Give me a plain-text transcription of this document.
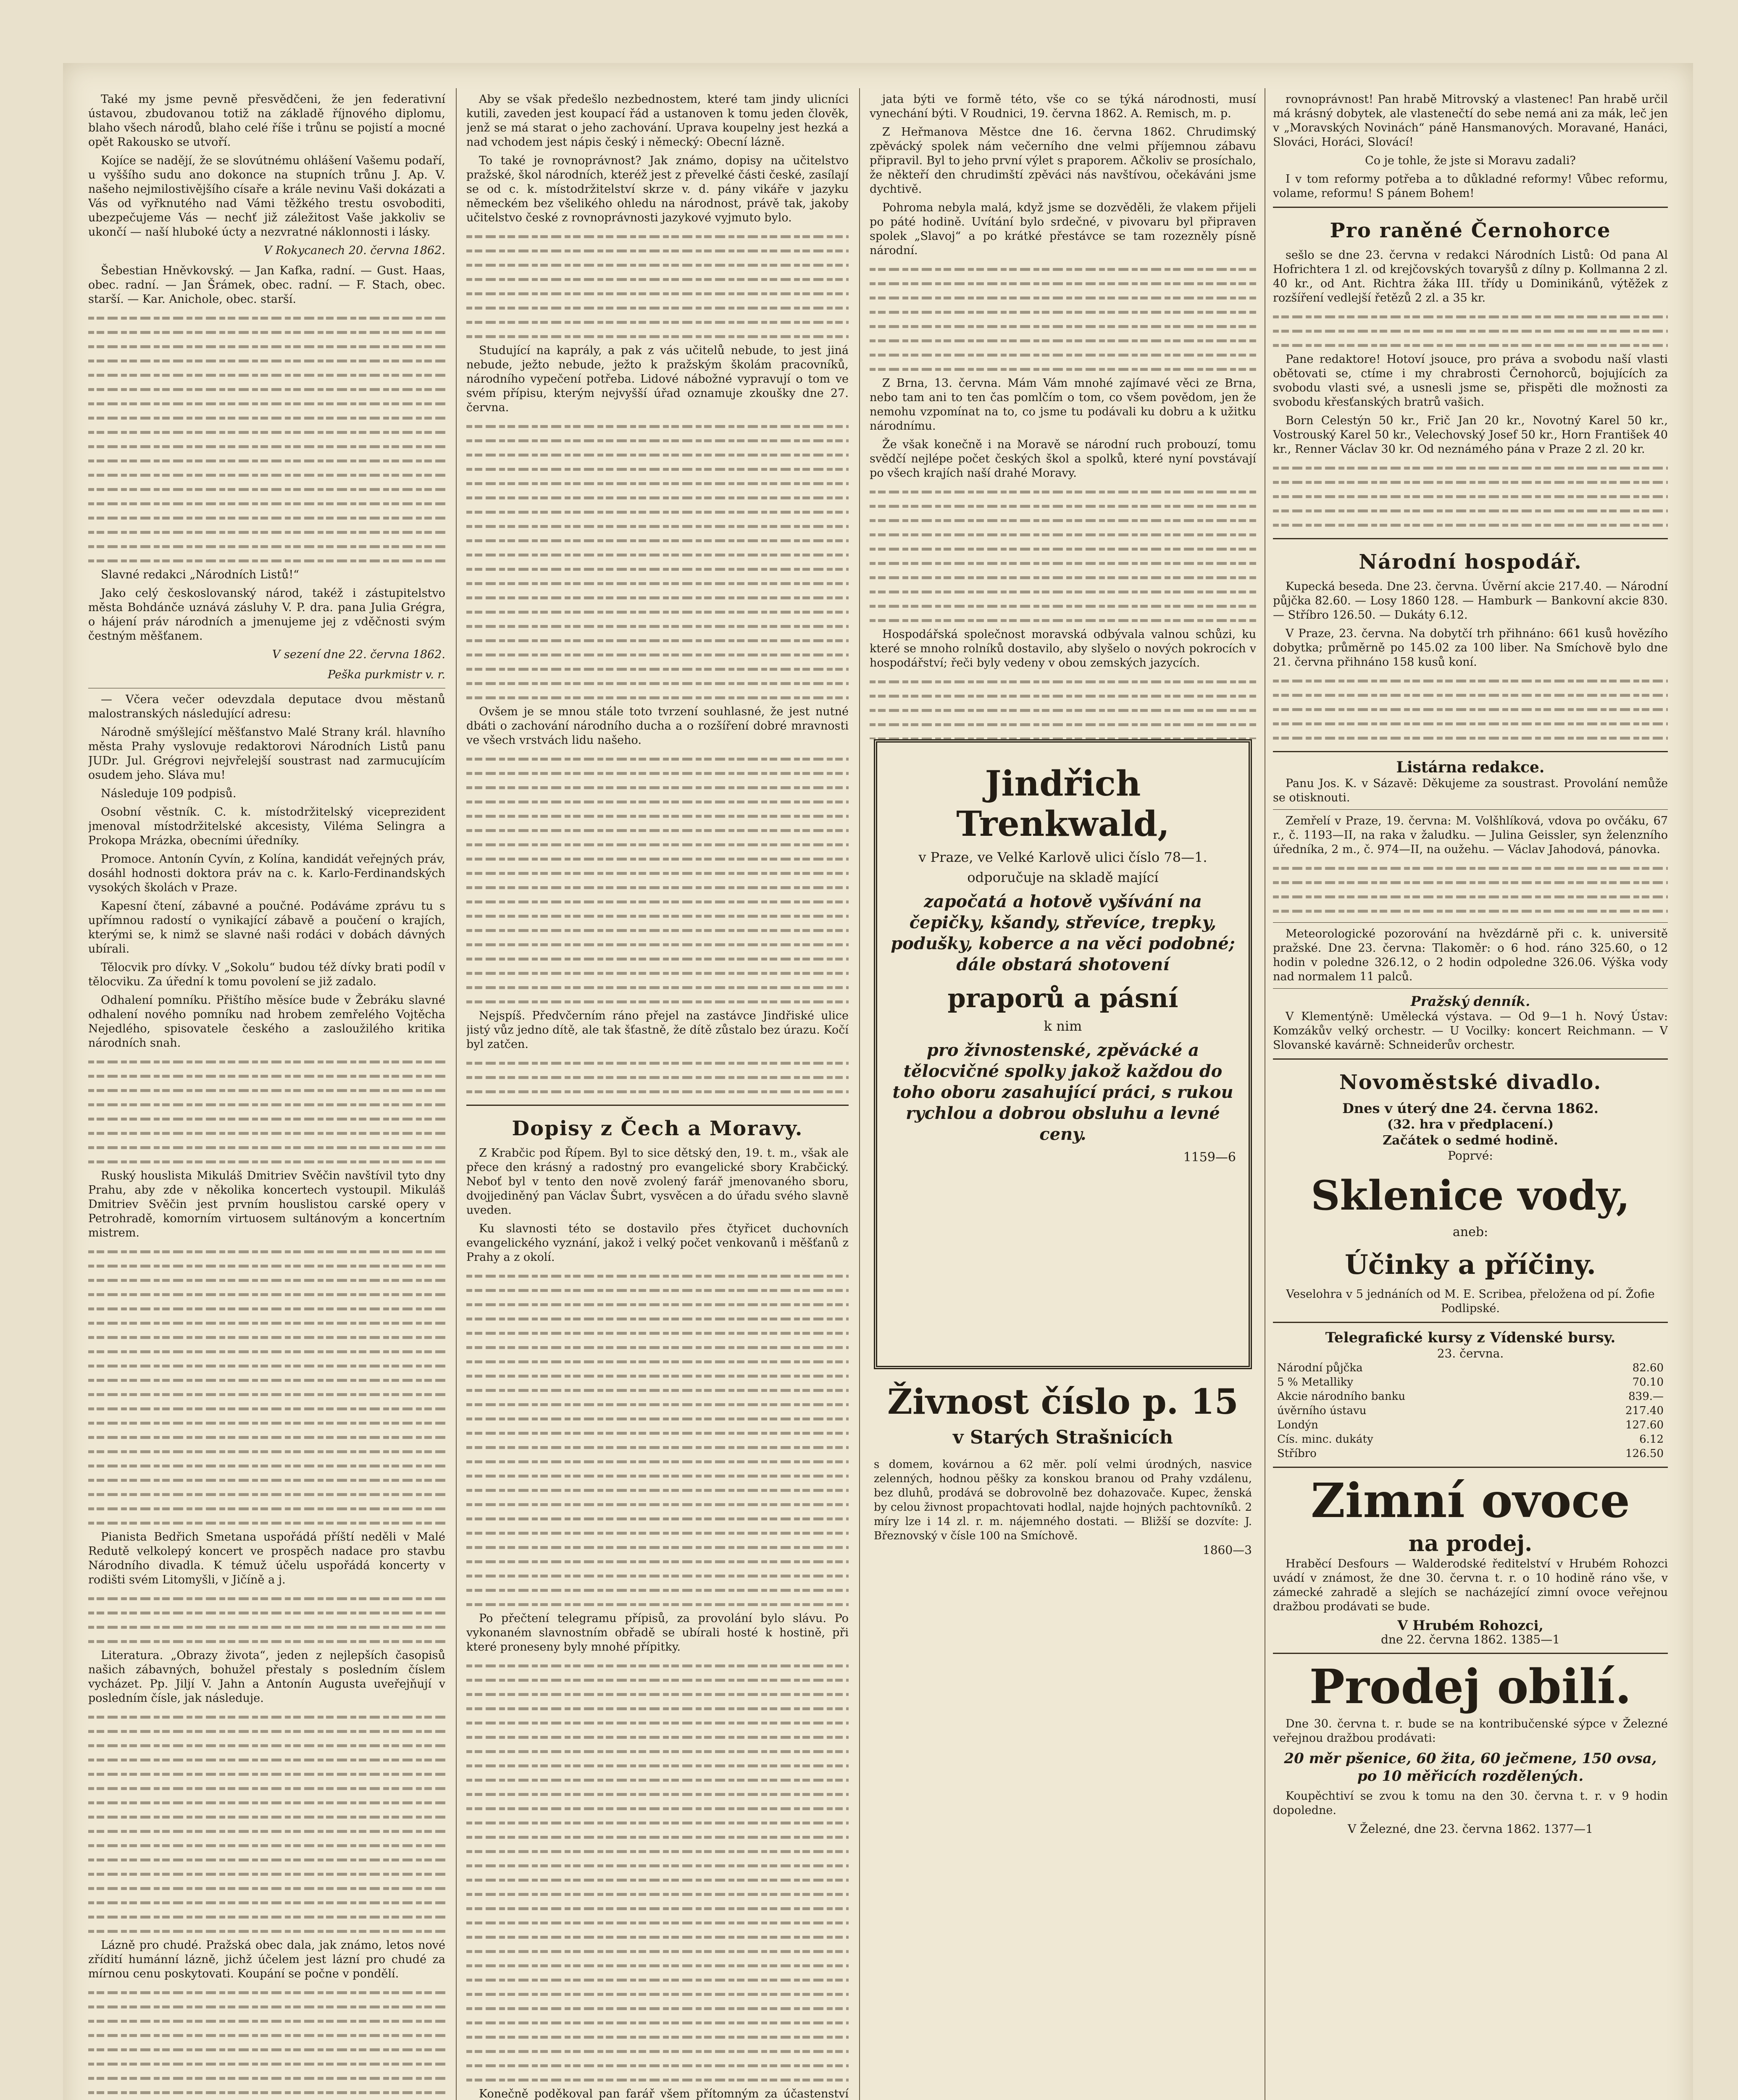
Také my jsme pevně přesvědčeni, že jen federativní ústavou, zbudovanou totiž na základě říjnového diplomu, blaho všech národů, blaho celé říše i trůnu se pojistí a mocné opět Rakousko se utvoří.

Kojíce se nadějí, že se slovútnému ohlášení Vašemu podaří, u vyššího sudu ano dokonce na stupních trůnu J. Ap. V. našeho nejmilostivějšího císaře a krále nevinu Vaši dokázati a Vás od vyřknutého nad Vámi těžkého trestu osvoboditi, ubezpečujeme Vás — nechť již záležitost Vaše jakkoliv se ukončí — naší hluboké úcty a nezvratné náklonnosti i lásky.

V Rokycanech 20. června 1862.

Šebestian Hněvkovský. — Jan Kafka, radní. — Gust. Haas, obec. radní. — Jan Šrámek, obec. radní. — F. Stach, obec. starší. — Kar. Anichole, obec. starší.

Slavné redakci „Národních Listů!“

Jako celý českoslovanský národ, takéž i zástupitelstvo města Bohdánče uznává zásluhy V. P. dra. pana Julia Grégra, o hájení práv národních a jmenujeme jej z vděčnosti svým čestným měšťanem.

V sezení dne 22. června 1862.
Peška purkmistr v. r.

— Včera večer odevzdala deputace dvou městanů malostranských následující adresu:

Národně smýšlející měšťanstvo Malé Strany král. hlavního města Prahy vyslovuje redaktorovi Národních Listů panu JUDr. Jul. Grégrovi nejvřelejší soustrast nad zarmucujícím osudem jeho. Sláva mu!

Následuje 109 podpisů.

Osobní věstník. C. k. místodržitelský viceprezident jmenoval místodržitelské akcesisty, Viléma Selingra a Prokopa Mrázka, obecními úředníky.

Promoce. Antonín Cyvín, z Kolína, kandidát veřejných práv, dosáhl hodnosti doktora práv na c. k. Karlo-Ferdinandských vysokých školách v Praze.

Kapesní čtení, zábavné a poučné. Podáváme zprávu tu s upřímnou radostí o vynikající zábavě a poučení o krajích, kterými se, k nimž se slavné naši rodáci v dobách dávných ubírali.

Tělocvik pro dívky. V „Sokolu“ budou též dívky brati podíl v tělocviku. Za úřední k tomu povolení se již zadalo.

Odhalení pomníku. Přištího měsíce bude v Žebráku slavné odhalení nového pomníku nad hrobem zemřelého Vojtěcha Nejedlého, spisovatele českého a zasloužilého kritika národních snah.

Ruský houslista Mikuláš Dmitriev Svěčin navštívil tyto dny Prahu, aby zde v několika koncertech vystoupil. Mikuláš Dmitriev Svěčin jest prvním houslistou carské opery v Petrohradě, komorním virtuosem sultánovým a koncertním mistrem.

Pianista Bedřich Smetana uspořádá příští neděli v Malé Redutě velkolepý koncert ve prospěch nadace pro stavbu Národního divadla. K témuž účelu uspořádá koncerty v rodišti svém Litomyšli, v Jičíně a j.

Literatura. „Obrazy života“, jeden z nejlepších časopisů našich zábavných, bohužel přestaly s posledním číslem vycházet. Pp. Jiljí V. Jahn a Antonín Augusta uveřejňují v posledním čísle, jak následuje.

Lázně pro chudé. Pražská obec dala, jak známo, letos nové zřídití humánní lázně, jichž účelem jest lázní pro chudé za mírnou cenu poskytovati. Koupání se počne v pondělí.

Aby se však předešlo nezbednostem, které tam jindy ulicníci kutili, zaveden jest koupací řád a ustanoven k tomu jeden člověk, jenž se má starat o jeho zachování. Uprava koupelny jest hezká a nad vchodem jest nápis český i německý: Obecní lázně.

To také je rovnoprávnost? Jak známo, dopisy na učitelstvo pražské, škol národních, kteréž jest z převelké části české, zasílají se od c. k. místodržitelství skrze v. d. pány vikáře v jazyku německém bez všelikého ohledu na národnost, právě tak, jakoby učitelstvo české z rovnoprávnosti jazykové vyjmuto bylo.

Studující na kaprály, a pak z vás učitelů nebude, to jest jiná nebude, ježto nebude, ježto k pražským školám pracovníků, národního vypečení potřeba. Lidové nábožné vypravují o tom ve svém přípisu, kterým nejvyšší úřad oznamuje zkoušky dne 27. června.

Ovšem je se mnou stále toto tvrzení souhlasné, že jest nutné dbáti o zachování národního ducha a o rozšíření dobré mravnosti ve všech vrstvách lidu našeho.

Nejspíš. Předvčerním ráno přejel na zastávce Jindřiské ulice jistý vůz jedno dítě, ale tak šťastně, že dítě zůstalo bez úrazu. Kočí byl zatčen.

Dopisy z Čech a Moravy.

Z Krabčic pod Řípem. Byl to sice dětský den, 19. t. m., však ale přece den krásný a radostný pro evangelické sbory Krabčický. Neboť byl v tento den nově zvolený farář jmenovaného sboru, dvojjediněný pan Václav Šubrt, vysvěcen a do úřadu svého slavně uveden.

Ku slavnosti této se dostavilo přes čtyřicet duchovních evangelického vyznání, jakož i velký počet venkovanů i měšťanů z Prahy a z okolí.

Po přečtení telegramu přípisů, za provolání bylo slávu. Po vykonaném slavnostním obřadě se ubírali hosté k hostině, při které proneseny byly mnohé přípitky.

Konečně poděkoval pan farář všem přítomným za účastenství

jata býti ve formě této, vše co se týká národnosti, musí vynechání býti. V Roudnici, 19. června 1862. A. Remisch, m. p.

Z Heřmanova Městce dne 16. června 1862. Chrudimský zpěvácký spolek nám večerního dne velmi příjemnou zábavu připravil. Byl to jeho první výlet s praporem. Ačkoliv se prosíchalo, že někteří den chrudimští zpěváci nás navštívou, očekáváni jsme dychtivě.

Pohroma nebyla malá, když jsme se dozvěděli, že vlakem přijeli po páté hodině. Uvítání bylo srdečné, v pivovaru byl připraven spolek „Slavoj“ a po krátké přestávce se tam rozezněly písně národní.

Z Brna, 13. června. Mám Vám mnohé zajímavé věci ze Brna, nebo tam ani to ten čas pomlčím o tom, co všem povědom, jen že nemohu vzpomínat na to, co jsme tu podávali ku dobru a k užitku národnímu.

Že však konečně i na Moravě se národní ruch probouzí, tomu svědčí nejlépe počet českých škol a spolků, které nyní povstávají po všech krajích naší drahé Moravy.

Hospodářská společnost moravská odbývala valnou schůzi, ku které se mnoho rolníků dostavilo, aby slyšelo o nových pokrocích v hospodářství; řeči byly vedeny v obou zemských jazycích.

Jindřich Trenkwald,
v Praze, ve Velké Karlově ulici číslo 78—1.
odporučuje na skladě mající
započatá a hotově vyšívání na čepičky, kšandy, střevíce, trepky, podušky, koberce a na věci podobné; dále obstará shotovení
praporů a pásní
k nim
pro živnostenské, zpěvácké a tělocvičné spolky jakož každou do toho oboru zasahující práci, s rukou rychlou a dobrou obsluhu a levné ceny.
1159—6
Živnost číslo p. 15
v Starých Strašnicích
s domem, kovárnou a 62 měr. polí velmi úrodných, nasvice zelenných, hodnou pěšky za konskou branou od Prahy vzdálenu, bez dluhů, prodává se dobrovolně bez dohazovače. Kupec, ženská by celou živnost propachtovati hodlal, najde hojných pachtovníků. 2 míry lze i 14 zl. r. m. nájemného dostati. — Bližší se dozvíte: J. Březnovský v čísle 100 na Smíchově.
1860—3

rovnoprávnost! Pan hrabě Mitrovský a vlastenec! Pan hrabě určil má krásný dobytek, ale vlastenečtí do sebe nemá ani za mák, leč jen v „Moravských Novinách“ páně Hansmanových. Moravané, Hanáci, Slováci, Horáci, Slovácí!

Co je tohle, že jste si Moravu zadali?

I v tom reformy potřeba a to důkladné reformy! Vůbec reformu, volame, reformu! S pánem Bohem!

Pro raněné Černohorce

sešlo se dne 23. června v redakci Národních Listů: Od pana Al Hofrichtera 1 zl. od krejčovských tovaryšů z dílny p. Kollmanna 2 zl. 40 kr., od Ant. Richtra žáka III. třídy u Dominikánů, výtěžek z rozšíření vedlejší řetězů 2 zl. a 35 kr.

Pane redaktore! Hotoví jsouce, pro práva a svobodu naší vlasti obětovati se, ctíme i my chrabrosti Černohorců, bojujících za svobodu vlasti své, a usnesli jsme se, přispěti dle možnosti za svobodu křesťanských bratrů vašich.

Born Celestýn 50 kr., Frič Jan 20 kr., Novotný Karel 50 kr., Vostrouský Karel 50 kr., Velechovský Josef 50 kr., Horn František 40 kr., Renner Václav 30 kr. Od neznámého pána v Praze 2 zl. 20 kr.

Národní hospodář.

Kupecká beseda. Dne 23. června. Úvěrní akcie 217.40. — Národní půjčka 82.60. — Losy 1860 128. — Hamburk — Bankovní akcie 830. — Stříbro 126.50. — Dukáty 6.12.

V Praze, 23. června. Na dobytčí trh přihnáno: 661 kusů hovězího dobytka; průměrně po 145.02 za 100 liber. Na Smíchově bylo dne 21. června přihnáno 158 kusů koní.

Listárna redakce.

Panu Jos. K. v Sázavě: Děkujeme za soustrast. Provolání nemůže se otisknouti.

Zemřelí v Praze, 19. června: M. Volšhlíková, vdova po ovčáku, 67 r., č. 1193—II, na raka v žaludku. — Julina Geissler, syn želenzního úředníka, 2 m., č. 974—II, na oužehu. — Václav Jahodová, pánovka.

Meteorologické pozorování na hvězdárně při c. k. universitě pražské. Dne 23. června: Tlakoměr: o 6 hod. ráno 325.60, o 12 hodin v poledne 326.12, o 2 hodin odpoledne 326.06. Výška vody nad normalem 11 palců.

Pražský denník.

V Klementýně: Umělecká výstava. — Od 9—1 h. Nový Ústav: Komzákův velký orchestr. — U Vocilky: koncert Reichmann. — V Slovanské kavárně: Schneiderův orchestr.

Novoměstské divadlo.
Dnes v úterý dne 24. června 1862.
(32. hra v předplacení.)
Začátek o sedmé hodině.
Poprvé:
Sklenice vody,
aneb:
Účinky a příčiny.

Veselohra v 5 jednáních od M. E. Scribea, přeložena od pí. Žofie Podlipské.

Telegrafické kursy z Vídenské bursy.
23. června.
Národní půjčka	82.60
5 % Metalliky	70.10
Akcie národního banku	839.—
úvěrního ústavu	217.40
Londýn	127.60
Cís. minc. dukáty	6.12
Stříbro	126.50
Zimní ovoce
na prodej.

Hraběcí Desfours — Walderodské ředitelství v Hrubém Rohozci uvádí v známost, že dne 30. června t. r. o 10 hodině ráno vše, v zámecké zahradě a slejích se nacházející zimní ovoce veřejnou dražbou prodávati se bude.

V Hrubém Rohozci,
dne 22. června 1862. 1385—1
Prodej obilí.

Dne 30. června t. r. bude se na kontribučenské sýpce v Železné veřejnou dražbou prodávati:

20 měr pšenice, 60 žita, 60 ječmene, 150 ovsa, po 10 měřicích rozdělených.

Koupěchtiví se zvou k tomu na den 30. června t. r. v 9 hodin dopoledne.

V Železné, dne 23. června 1862. 1377—1
